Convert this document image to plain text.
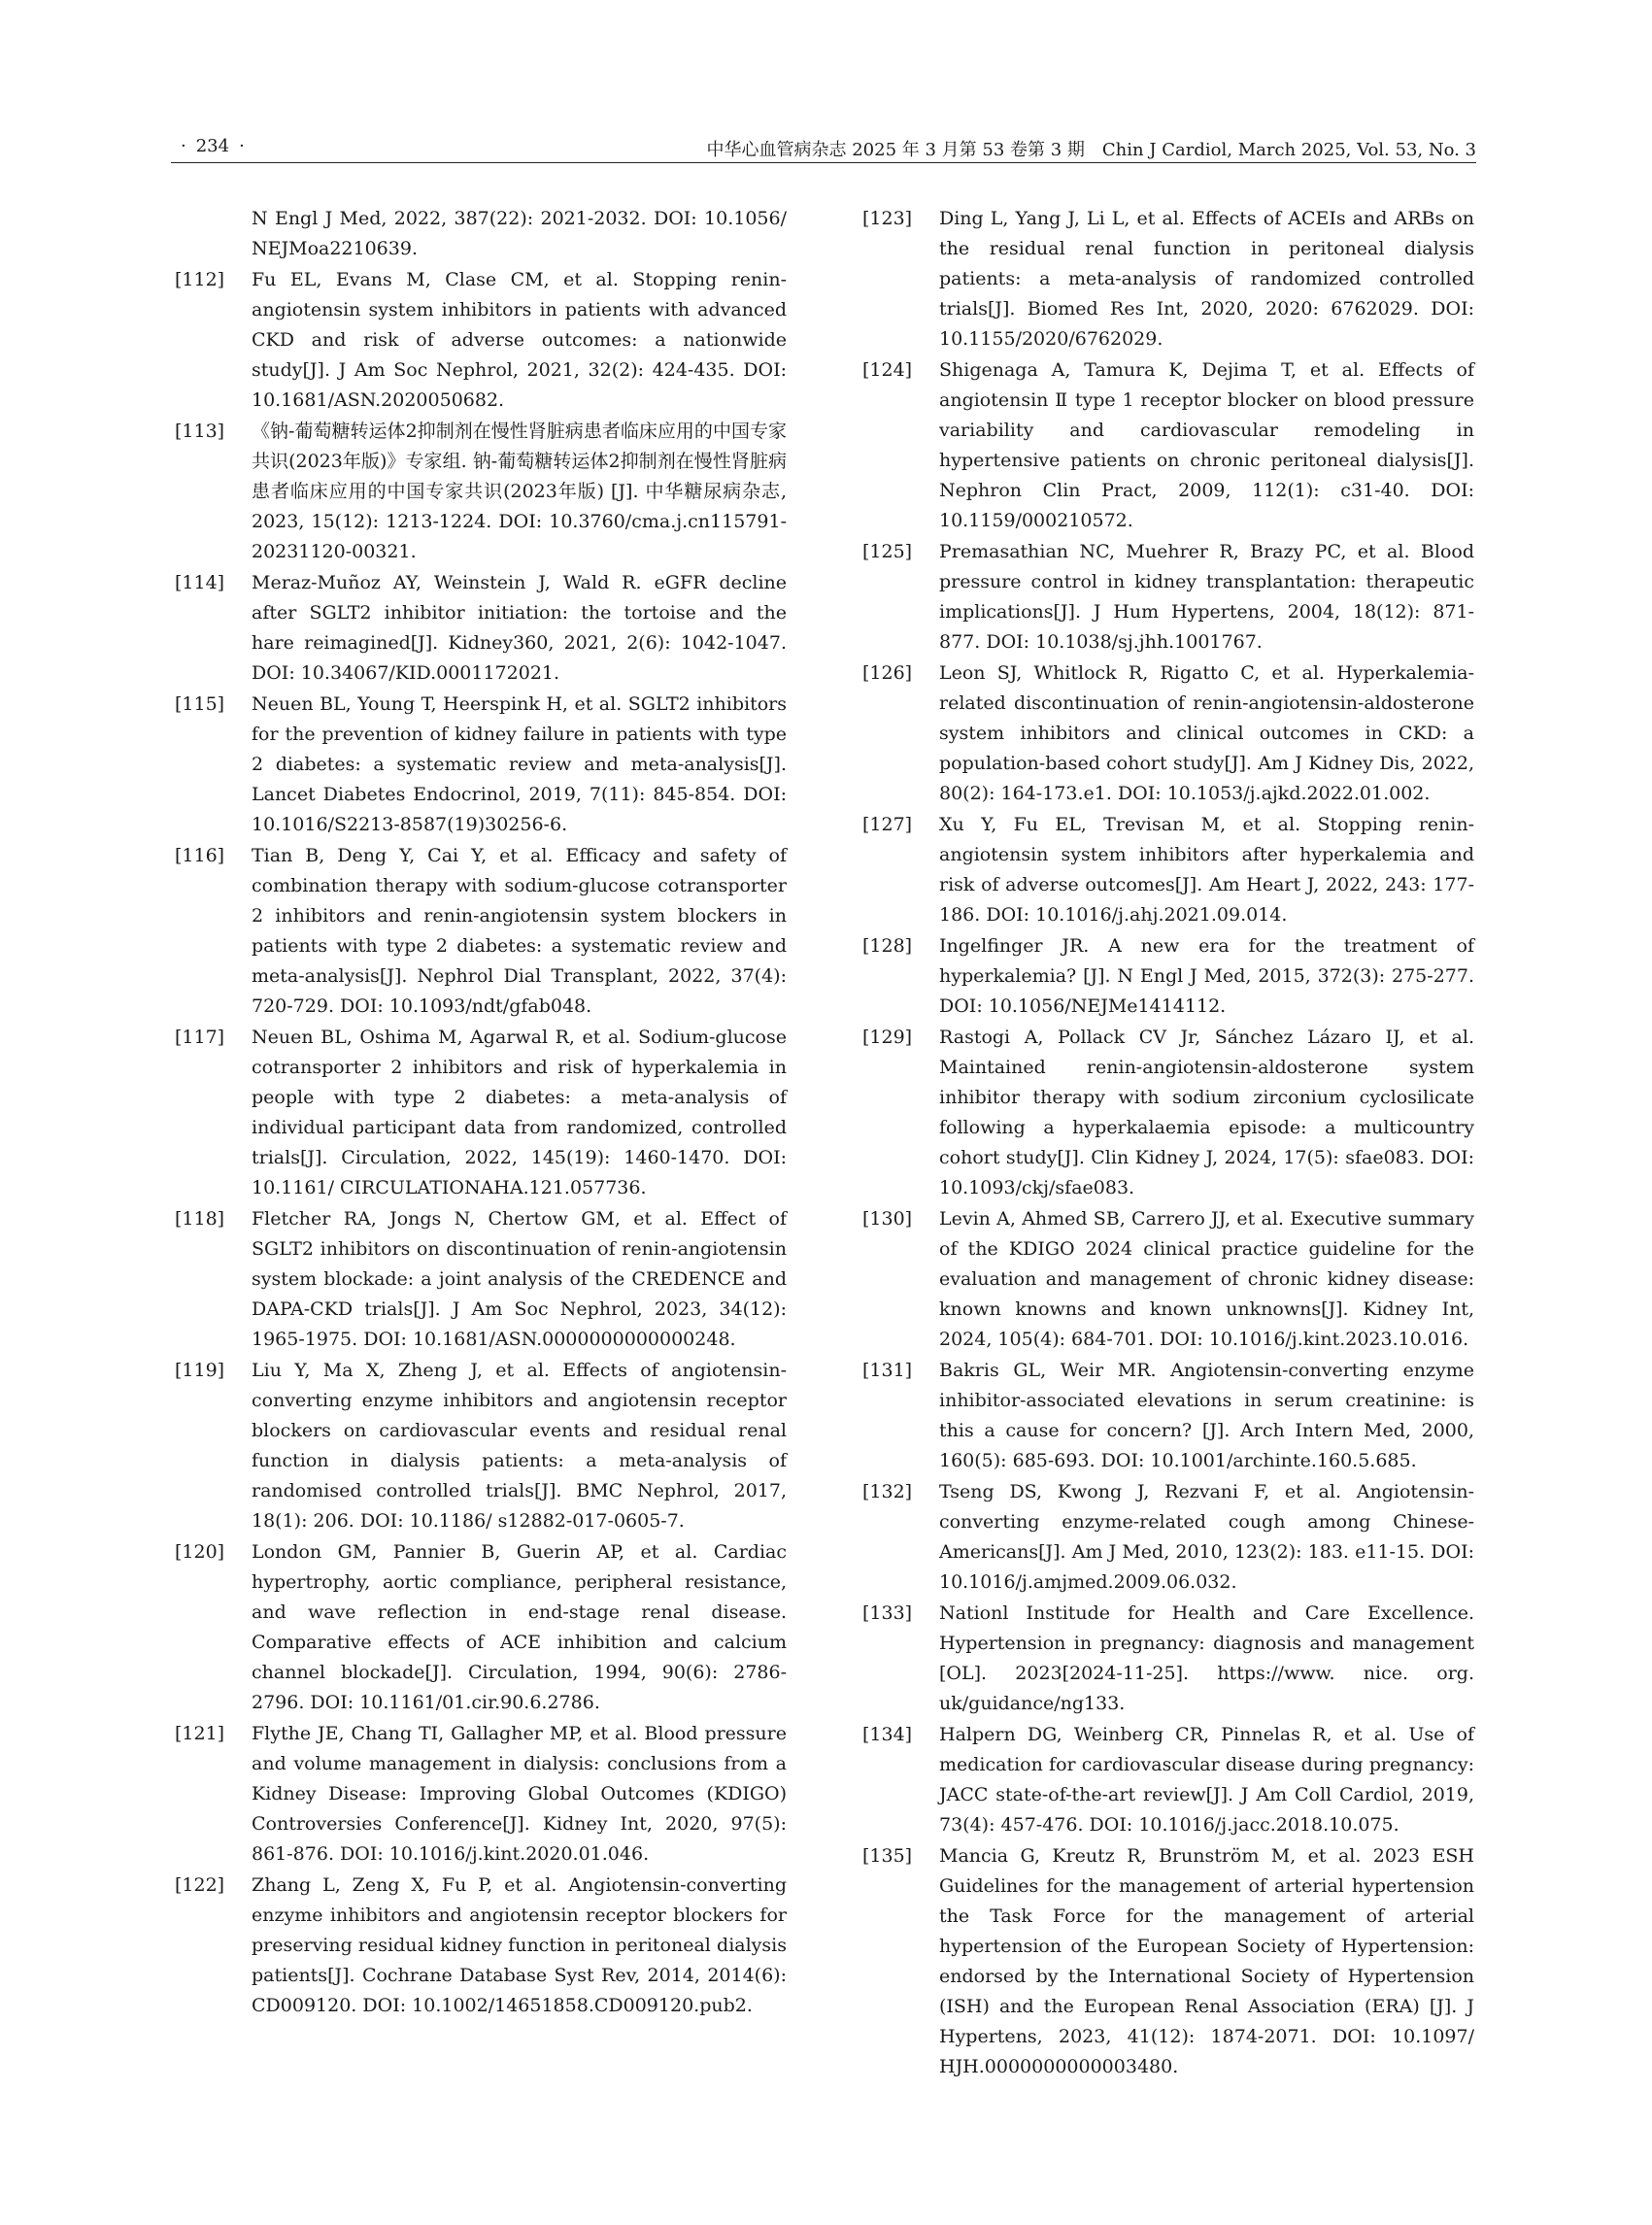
· 234 ·	中华心血管病杂志 2025 年 3 月第 53 卷第 3 期　Chin J Cardiol, March 2025, Vol. 53, No. 3
N Engl J Med, 2022, 387(22): 2021-2032. DOI: 10.1056/ NEJMoa2210639.
[112] Fu EL, Evans M, Clase CM, et al. Stopping renin-angiotensin system inhibitors in patients with advanced CKD and risk of adverse outcomes: a nationwide study[J]. J Am Soc Nephrol, 2021, 32(2): 424-435. DOI: 10.1681/ASN.2020050682.
[113] 《钠-葡萄糖转运体2抑制剂在慢性肾脏病患者临床应用的中国专家共识(2023年版)》专家组. 钠-葡萄糖转运体2抑制剂在慢性肾脏病患者临床应用的中国专家共识(2023年版) [J]. 中华糖尿病杂志, 2023, 15(12): 1213-1224. DOI: 10.3760/cma.j.cn115791-20231120-00321.
[114] Meraz-Muñoz AY, Weinstein J, Wald R. eGFR decline after SGLT2 inhibitor initiation: the tortoise and the hare reimagined[J]. Kidney360, 2021, 2(6): 1042-1047. DOI: 10.34067/KID.0001172021.
[115] Neuen BL, Young T, Heerspink H, et al. SGLT2 inhibitors for the prevention of kidney failure in patients with type 2 diabetes: a systematic review and meta-analysis[J]. Lancet Diabetes Endocrinol, 2019, 7(11): 845-854. DOI: 10.1016/S2213-8587(19)30256-6.
[116] Tian B, Deng Y, Cai Y, et al. Efficacy and safety of combination therapy with sodium-glucose cotransporter 2 inhibitors and renin-angiotensin system blockers in patients with type 2 diabetes: a systematic review and meta-analysis[J]. Nephrol Dial Transplant, 2022, 37(4): 720-729. DOI: 10.1093/ndt/gfab048.
[117] Neuen BL, Oshima M, Agarwal R, et al. Sodium-glucose cotransporter 2 inhibitors and risk of hyperkalemia in people with type 2 diabetes: a meta-analysis of individual participant data from randomized, controlled trials[J]. Circulation, 2022, 145(19): 1460-1470. DOI: 10.1161/ CIRCULATIONAHA.121.057736.
[118] Fletcher RA, Jongs N, Chertow GM, et al. Effect of SGLT2 inhibitors on discontinuation of renin-angiotensin system blockade: a joint analysis of the CREDENCE and DAPA-CKD trials[J]. J Am Soc Nephrol, 2023, 34(12): 1965-1975. DOI: 10.1681/ASN.0000000000000248.
[119] Liu Y, Ma X, Zheng J, et al. Effects of angiotensin-converting enzyme inhibitors and angiotensin receptor blockers on cardiovascular events and residual renal function in dialysis patients: a meta-analysis of randomised controlled trials[J]. BMC Nephrol, 2017, 18(1): 206. DOI: 10.1186/ s12882-017-0605-7.
[120] London GM, Pannier B, Guerin AP, et al. Cardiac hypertrophy, aortic compliance, peripheral resistance, and wave reflection in end-stage renal disease. Comparative effects of ACE inhibition and calcium channel blockade[J]. Circulation, 1994, 90(6): 2786-2796. DOI: 10.1161/01.cir.90.6.2786.
[121] Flythe JE, Chang TI, Gallagher MP, et al. Blood pressure and volume management in dialysis: conclusions from a Kidney Disease: Improving Global Outcomes (KDIGO) Controversies Conference[J]. Kidney Int, 2020, 97(5): 861-876. DOI: 10.1016/j.kint.2020.01.046.
[122] Zhang L, Zeng X, Fu P, et al. Angiotensin-converting enzyme inhibitors and angiotensin receptor blockers for preserving residual kidney function in peritoneal dialysis patients[J]. Cochrane Database Syst Rev, 2014, 2014(6): CD009120. DOI: 10.1002/14651858.CD009120.pub2.
[123] Ding L, Yang J, Li L, et al. Effects of ACEIs and ARBs on the residual renal function in peritoneal dialysis patients: a meta-analysis of randomized controlled trials[J]. Biomed Res Int, 2020, 2020: 6762029. DOI: 10.1155/2020/6762029.
[124] Shigenaga A, Tamura K, Dejima T, et al. Effects of angiotensin Ⅱ type 1 receptor blocker on blood pressure variability and cardiovascular remodeling in hypertensive patients on chronic peritoneal dialysis[J]. Nephron Clin Pract, 2009, 112(1): c31-40. DOI: 10.1159/000210572.
[125] Premasathian NC, Muehrer R, Brazy PC, et al. Blood pressure control in kidney transplantation: therapeutic implications[J]. J Hum Hypertens, 2004, 18(12): 871-877. DOI: 10.1038/sj.jhh.1001767.
[126] Leon SJ, Whitlock R, Rigatto C, et al. Hyperkalemia-related discontinuation of renin-angiotensin-aldosterone system inhibitors and clinical outcomes in CKD: a population-based cohort study[J]. Am J Kidney Dis, 2022, 80(2): 164-173.e1. DOI: 10.1053/j.ajkd.2022.01.002.
[127] Xu Y, Fu EL, Trevisan M, et al. Stopping renin-angiotensin system inhibitors after hyperkalemia and risk of adverse outcomes[J]. Am Heart J, 2022, 243: 177-186. DOI: 10.1016/j.ahj.2021.09.014.
[128] Ingelfinger JR. A new era for the treatment of hyperkalemia? [J]. N Engl J Med, 2015, 372(3): 275-277. DOI: 10.1056/NEJMe1414112.
[129] Rastogi A, Pollack CV Jr, Sánchez Lázaro IJ, et al. Maintained renin-angiotensin-aldosterone system inhibitor therapy with sodium zirconium cyclosilicate following a hyperkalaemia episode: a multicountry cohort study[J]. Clin Kidney J, 2024, 17(5): sfae083. DOI: 10.1093/ckj/sfae083.
[130] Levin A, Ahmed SB, Carrero JJ, et al. Executive summary of the KDIGO 2024 clinical practice guideline for the evaluation and management of chronic kidney disease: known knowns and known unknowns[J]. Kidney Int, 2024, 105(4): 684-701. DOI: 10.1016/j.kint.2023.10.016.
[131] Bakris GL, Weir MR. Angiotensin-converting enzyme inhibitor-associated elevations in serum creatinine: is this a cause for concern? [J]. Arch Intern Med, 2000, 160(5): 685-693. DOI: 10.1001/archinte.160.5.685.
[132] Tseng DS, Kwong J, Rezvani F, et al. Angiotensin-converting enzyme-related cough among Chinese-Americans[J]. Am J Med, 2010, 123(2): 183. e11-15. DOI: 10.1016/j.amjmed.2009.06.032.
[133] Nationl Institude for Health and Care Excellence. Hypertension in pregnancy: diagnosis and management [OL]. 2023[2024-11-25]. https://www. nice. org. uk/guidance/ng133.
[134] Halpern DG, Weinberg CR, Pinnelas R, et al. Use of medication for cardiovascular disease during pregnancy: JACC state-of-the-art review[J]. J Am Coll Cardiol, 2019, 73(4): 457-476. DOI: 10.1016/j.jacc.2018.10.075.
[135] Mancia G, Kreutz R, Brunström M, et al. 2023 ESH Guidelines for the management of arterial hypertension the Task Force for the management of arterial hypertension of the European Society of Hypertension: endorsed by the International Society of Hypertension (ISH) and the European Renal Association (ERA) [J]. J Hypertens, 2023, 41(12): 1874-2071. DOI: 10.1097/ HJH.0000000000003480.
